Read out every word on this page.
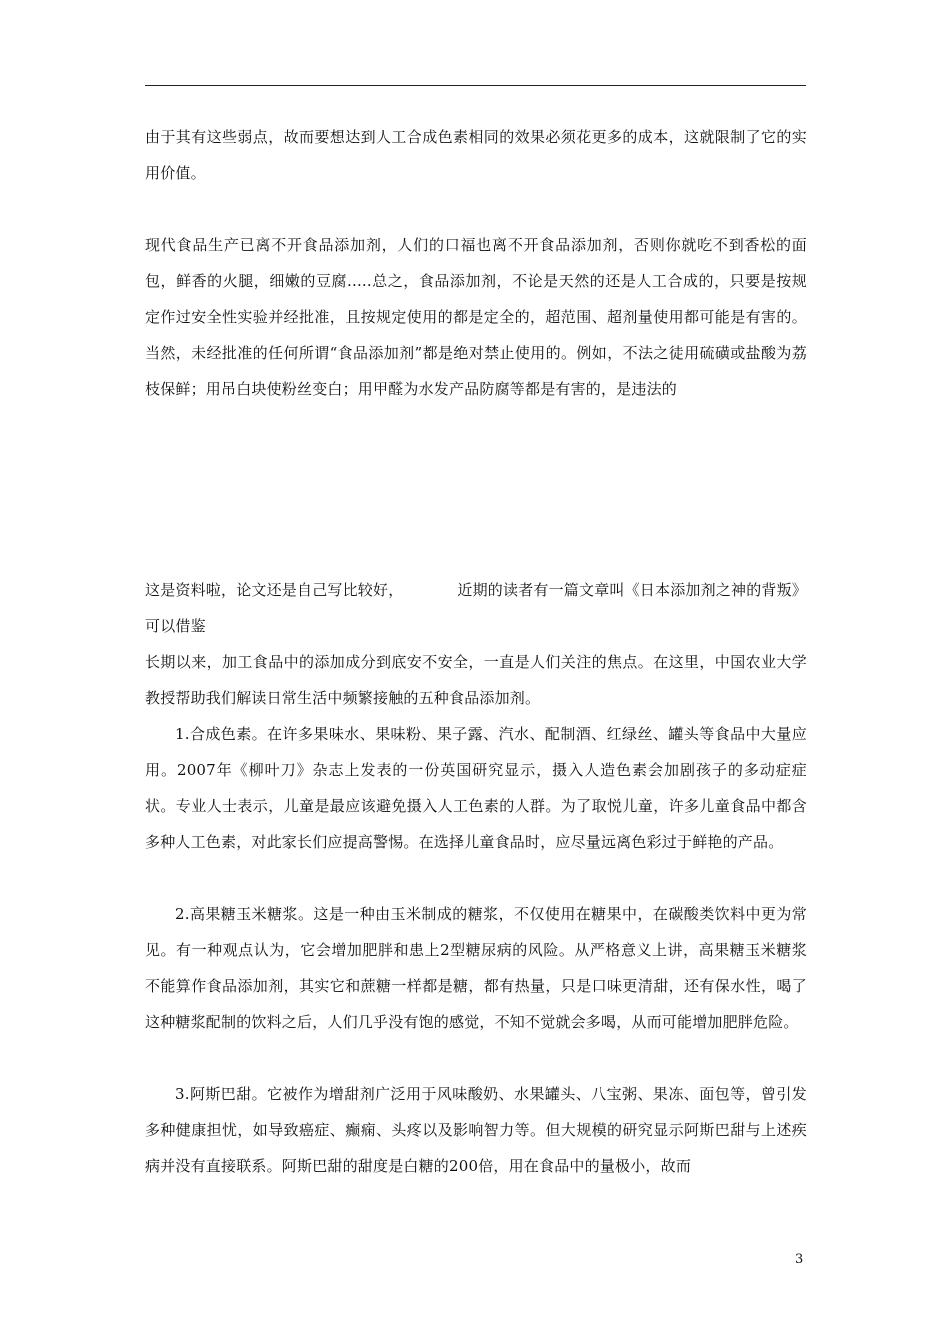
由于其有这些弱点，故而要想达到人工合成色素相同的效果必须花更多的成本，这就限制了它的实用价值。

现代食品生产已离不开食品添加剂，人们的口福也离不开食品添加剂，否则你就吃不到香松的面包，鲜香的火腿，细嫩的豆腐.....总之，食品添加剂，不论是天然的还是人工合成的，只要是按规定作过安全性实验并经批准，且按规定使用的都是定全的，超范围、超剂量使用都可能是有害的。当然，未经批准的任何所谓“食品添加剂”都是绝对禁止使用的。例如，不法之徒用硫磺或盐酸为荔枝保鲜；用吊白块使粉丝变白；用甲醛为水发产品防腐等都是有害的，是违法的

这是资料啦，论文还是自己写比较好，	近期的读者有一篇文章叫《日本添加剂之神的背叛》
可以借鉴

长期以来，加工食品中的添加成分到底安不安全，一直是人们关注的焦点。在这里，中国农业大学教授帮助我们解读日常生活中频繁接触的五种食品添加剂。

1.合成色素。在许多果味水、果味粉、果子露、汽水、配制酒、红绿丝、罐头等食品中大量应用。2007年《柳叶刀》杂志上发表的一份英国研究显示，摄入人造色素会加剧孩子的多动症症状。专业人士表示，儿童是最应该避免摄入人工色素的人群。为了取悦儿童，许多儿童食品中都含多种人工色素，对此家长们应提高警惕。在选择儿童食品时，应尽量远离色彩过于鲜艳的产品。

2.高果糖玉米糖浆。这是一种由玉米制成的糖浆，不仅使用在糖果中，在碳酸类饮料中更为常见。有一种观点认为，它会增加肥胖和患上2型糖尿病的风险。从严格意义上讲，高果糖玉米糖浆不能算作食品添加剂，其实它和蔗糖一样都是糖，都有热量，只是口味更清甜，还有保水性，喝了这种糖浆配制的饮料之后，人们几乎没有饱的感觉，不知不觉就会多喝，从而可能增加肥胖危险。

3.阿斯巴甜。它被作为增甜剂广泛用于风味酸奶、水果罐头、八宝粥、果冻、面包等，曾引发多种健康担忧，如导致癌症、癫痫、头疼以及影响智力等。但大规模的研究显示阿斯巴甜与上述疾病并没有直接联系。阿斯巴甜的甜度是白糖的200倍，用在食品中的量极小，故而

3
